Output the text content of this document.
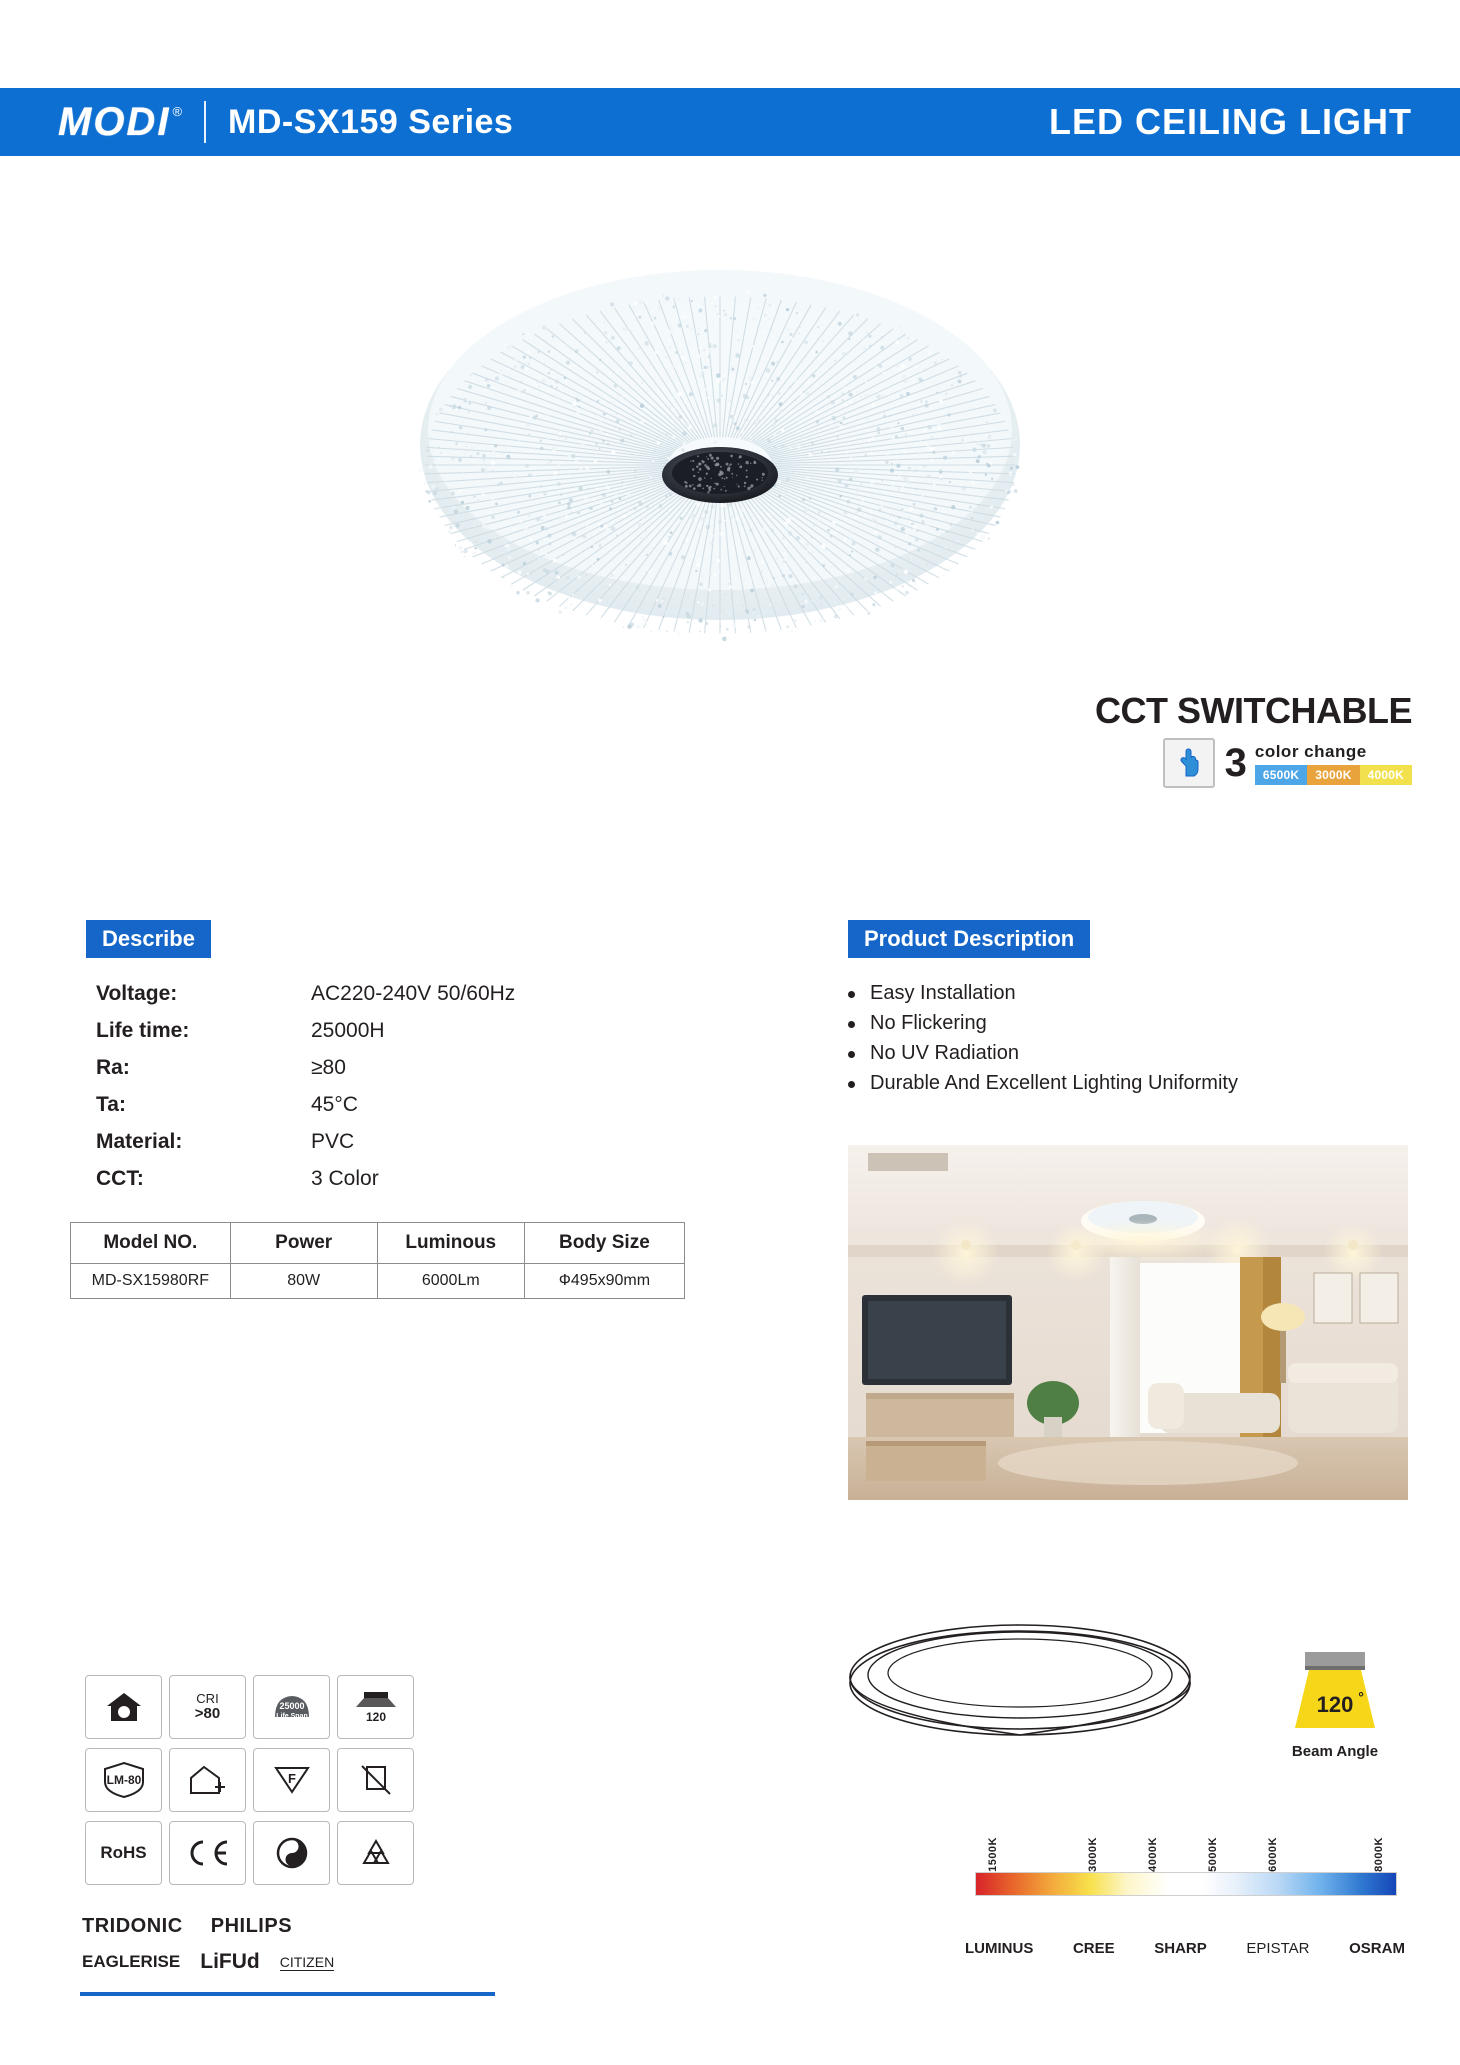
MODI ® MD-SX159 Series	LED CEILING LIGHT
CCT SWITCHABLE
3 color change
6500K	3000K	4000K
Describe	Product Description
Voltage:	AC220-240V 50/60Hz
Life time:	25000H
Ra:	≥80
Ta:	45°C
Material:	PVC
CCT:	3 Color
Model NO.	Power	Luminous	Body Size
MD-SX15980RF	80W	6000Lm	Ф495x90mm
Easy Installation
No Flickering
No UV Radiation
Durable And Excellent Lighting Uniformity
CRI
>80	25000
Life Span	120
LM-80	F
RoHS
TRIDONIC PHILIPS
EAGLERISE LiFUd CITIZEN
120 °
Beam Angle
1500K	3000K	4000K	5000K	6000K	8000K
LUMINUS	CREE	SHARP	EPISTAR	OSRAM
